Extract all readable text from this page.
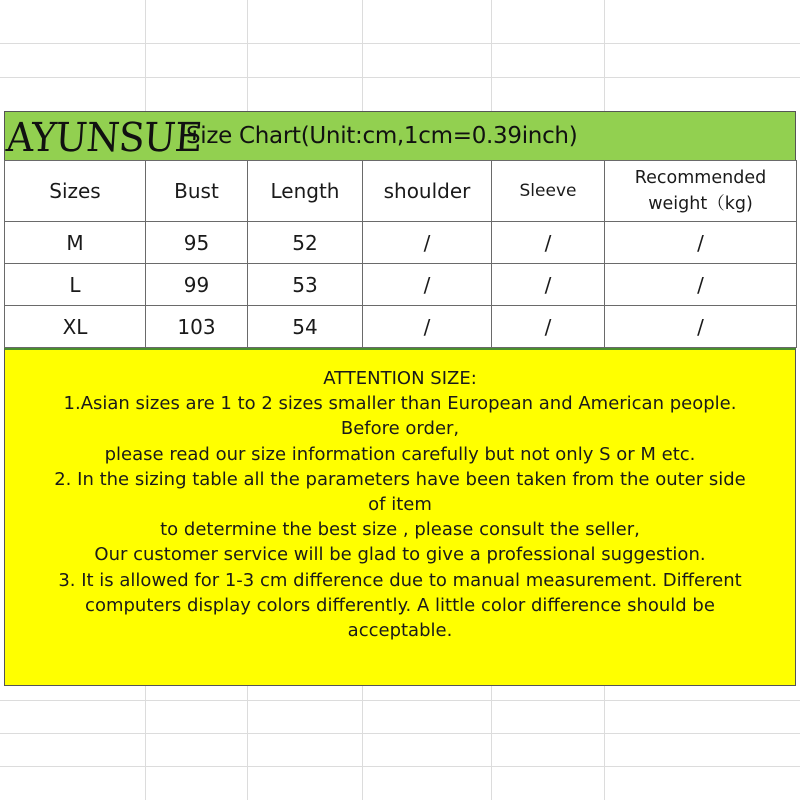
AYUNSUE
Size Chart(Unit:cm,1cm=0.39inch)
Sizes	Bust	Length	shoulder	Sleeve	Recommended
weight（kg)

M	95	52	/	/	/
L	99	53	/	/	/
XL	103	54	/	/	/
ATTENTION SIZE:
1.Asian sizes are 1 to 2 sizes smaller than European and American people.
Before order,
please read our size information carefully but not only S or M etc.
2. In the sizing table all the parameters have been taken from the outer side
of item
to determine the best size , please consult the seller,
Our customer service will be glad to give a professional suggestion.
3. It is allowed for 1-3 cm difference due to manual measurement. Different
computers display colors differently. A little color difference should be
acceptable.
